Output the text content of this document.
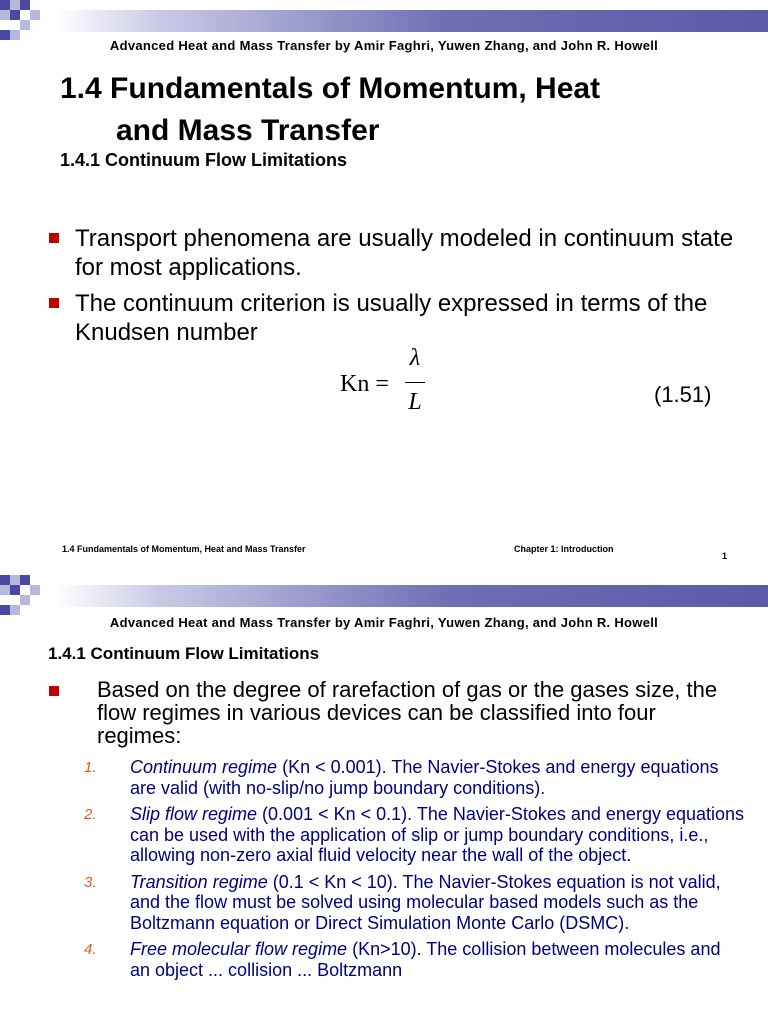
Advanced Heat and Mass Transfer by Amir Faghri, Yuwen Zhang, and John R. Howell
1.4 Fundamentals of Momentum, Heat
and Mass Transfer
1.4.1 Continuum Flow Limitations
Transport phenomena are usually modeled in continuum state for most applications.
The continuum criterion is usually expressed in terms of the Knudsen number
Kn =
λ
L	(1.51)
1.4 Fundamentals of Momentum, Heat and Mass Transfer	Chapter 1: Introduction
1
Advanced Heat and Mass Transfer by Amir Faghri, Yuwen Zhang, and John R. Howell
1.4.1 Continuum Flow Limitations
Based on the degree of rarefaction of gas or the gases size, the flow regimes in various devices can be classified into four regimes:
1. Continuum regime (Kn < 0.001). The Navier-Stokes and energy equations are valid (with no-slip/no jump boundary conditions).
2. Slip flow regime (0.001 < Kn < 0.1). The Navier-Stokes and energy equations can be used with the application of slip or jump boundary conditions, i.e., allowing non-zero axial fluid velocity near the wall of the object.
3. Transition regime (0.1 < Kn < 10). The Navier-Stokes equation is not valid, and the flow must be solved using molecular based models such as the Boltzmann equation or Direct Simulation Monte Carlo (DSMC).
4. Free molecular flow regime (Kn>10). The collision between molecules and an object ... collision ... Boltzmann
